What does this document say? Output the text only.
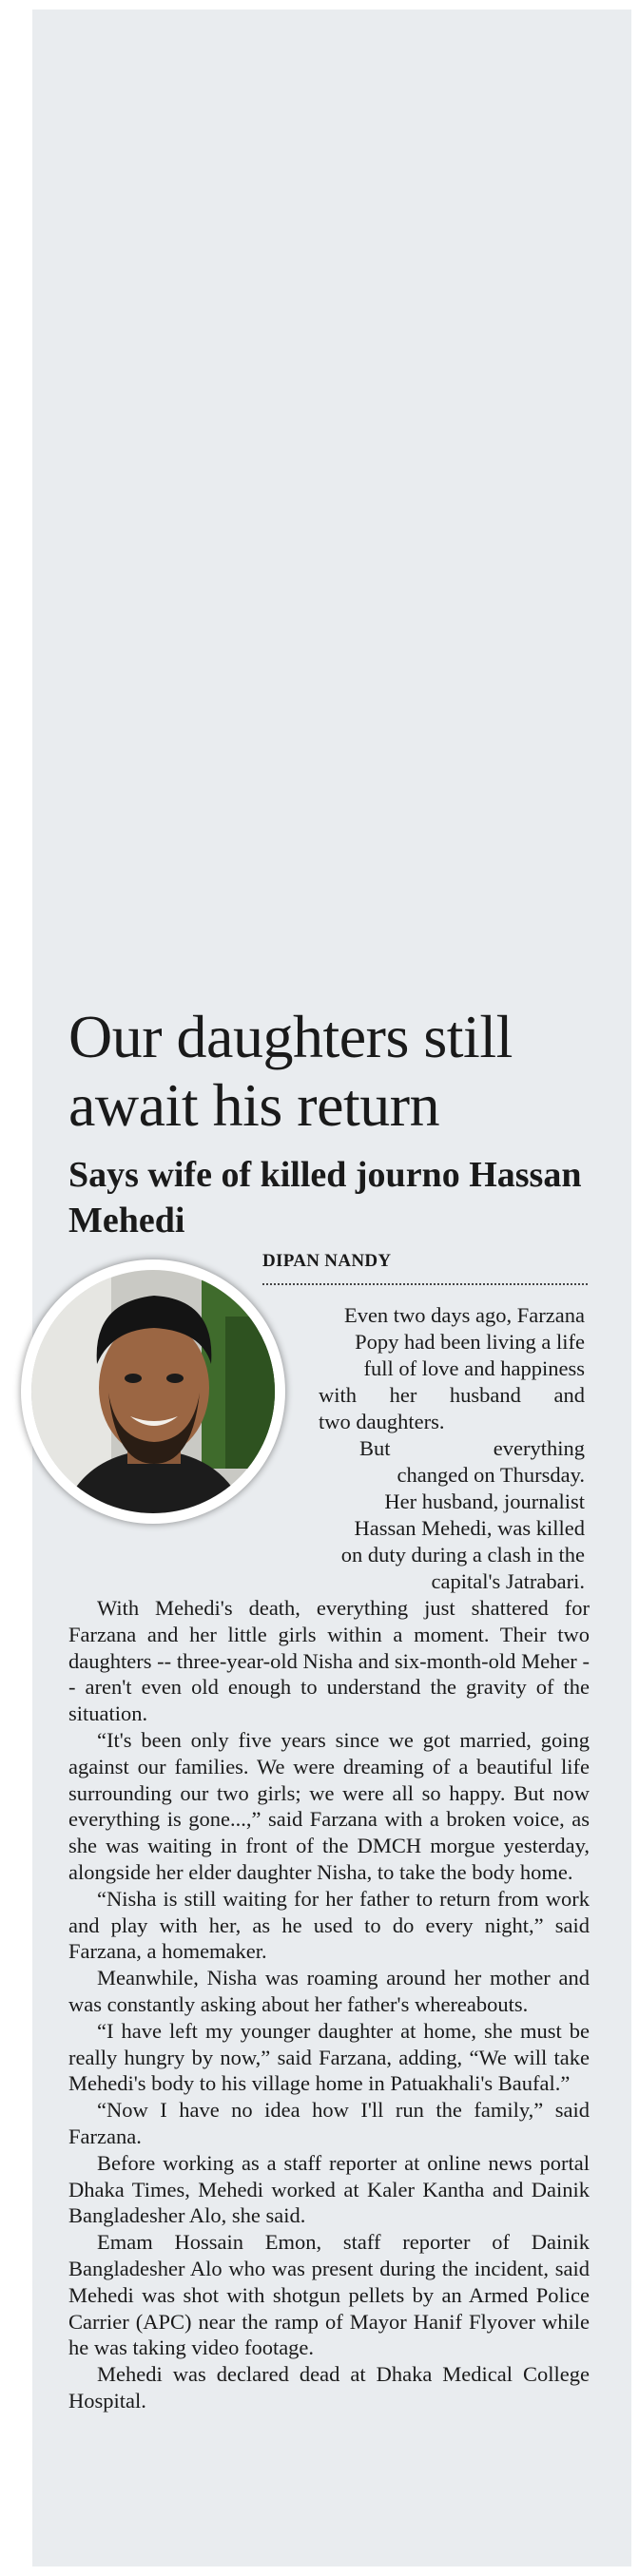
Our daughters still await his return
Says wife of killed journo Hassan Mehedi
DIPAN NANDY
Even two days ago, Farzana
Popy had been living a life
full of love and happiness
with her husband and
two daughters.
But everything
changed on Thursday.
Her husband, journalist
Hassan Mehedi, was killed
on duty during a clash in the
capital's Jatrabari.

With Mehedi's death, everything just shattered for Farzana and her little girls within a moment. Their two daughters -- three-year-old Nisha and six-month-old Meher -- aren't even old enough to understand the gravity of the situation.

“It's been only five years since we got married, going against our families. We were dreaming of a beautiful life surrounding our two girls; we were all so happy. But now everything is gone...,” said Farzana with a broken voice, as she was waiting in front of the DMCH morgue yesterday, alongside her elder daughter Nisha, to take the body home.

“Nisha is still waiting for her father to return from work and play with her, as he used to do every night,” said Farzana, a homemaker.

Meanwhile, Nisha was roaming around her mother and was constantly asking about her father's whereabouts.

“I have left my younger daughter at home, she must be really hungry by now,” said Farzana, adding, “We will take Mehedi's body to his village home in Patuakhali's Baufal.”

“Now I have no idea how I'll run the family,” said Farzana.

Before working as a staff reporter at online news portal Dhaka Times, Mehedi worked at Kaler Kantha and Dainik Bangladesher Alo, she said.

Emam Hossain Emon, staff reporter of Dainik Bangladesher Alo who was present during the incident, said Mehedi was shot with shotgun pellets by an Armed Police Carrier (APC) near the ramp of Mayor Hanif Flyover while he was taking video footage.

Mehedi was declared dead at Dhaka Medical College Hospital.
